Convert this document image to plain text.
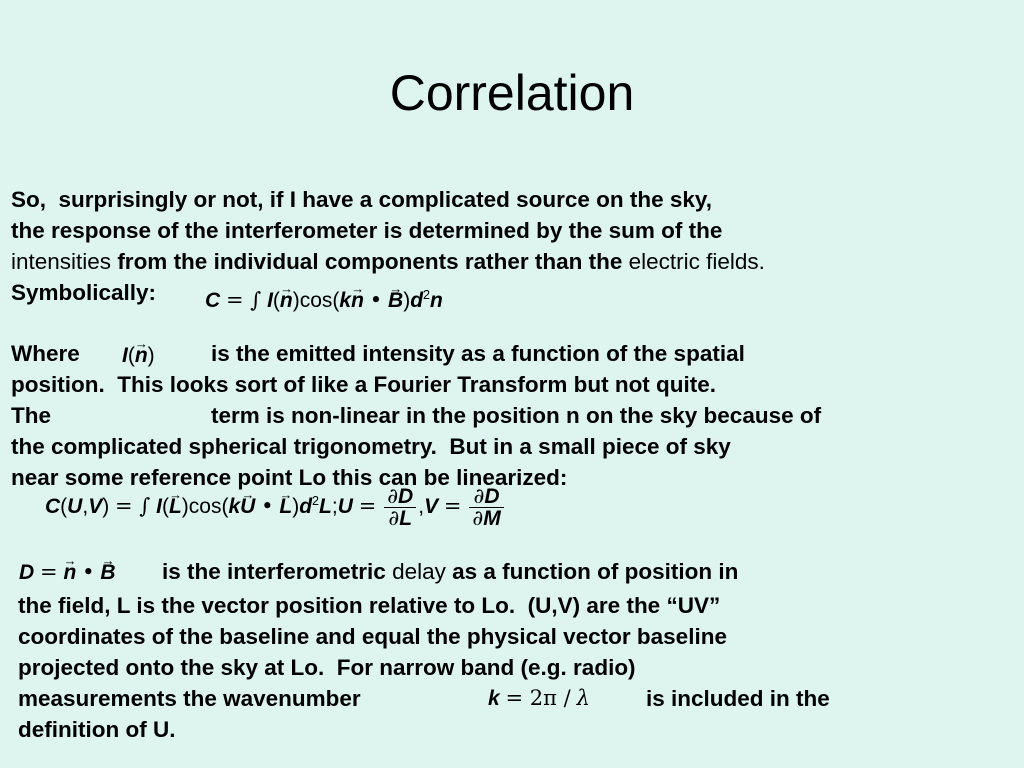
Correlation
So,  surprisingly or not, if I have a complicated source on the sky,
the response of the interferometer is determined by the sum of the
intensities from the individual components rather than the electric fields.
Symbolically: C = ∫ I(→ n)cos(k→ n • → $B)d^2n$
Where I(→ n)	is the emitted intensity as a function of the spatial
position.  This looks sort of like a Fourier Transform but not quite.
The	term is non-linear in the position n on the sky because of
the complicated spherical trigonometry.  But in a small piece of sky
near some reference point Lo this can be linearized:
C(U,V) = ∫ I(→ L)cos(k→ U • → $L)d^2L;U = \frac{\partial D}{\partial L} ,V = \frac{\partial D}{\partial M}$
D = → n • → B is the interferometric delay as a function of position in
the field, L is the vector position relative to Lo.  (U,V) are the “UV”
coordinates of the baseline and equal the physical vector baseline
projected onto the sky at Lo.  For narrow band (e.g. radio)
measurements the wavenumber	k = 2π / λ is included in the
definition of U.
